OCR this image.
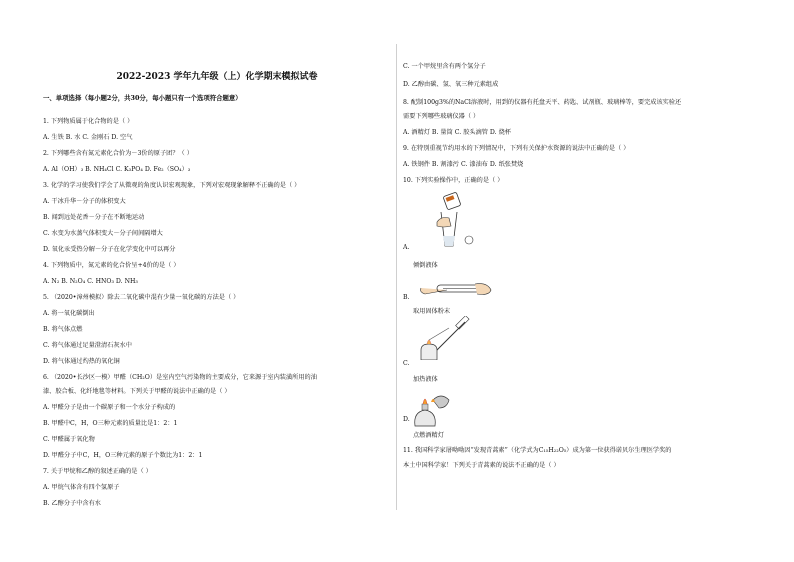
2022-2023 学年九年级（上）化学期末模拟试卷
一、单项选择（每小题2分，共30分，每小题只有一个选项符合题意）
1. 下列物质属于化合物的是（ ）
A. 生铁 B. 水 C. 金刚石 D. 空气
2. 下列哪些含有氮元素化合价为－3价的原子团？（ ）
A. Al（OH）₃ B. NH₄Cl C. K₃PO₄ D. Fe₂（SO₄）₃
3. 化学的学习使我们学会了从微观的角度认识宏观现象，下列对宏观现象解释不正确的是（ ）
A. 干冰升华－分子的体积变大
B. 闻到远处花香－分子在不断地运动
C. 水变为水蒸气体积变大－分子间间隔增大
D. 氧化汞受热分解－分子在化学变化中可以再分
4. 下列物质中，氮元素的化合价呈+4价的是（ ）
A. N₂ B. N₂O₄ C. HNO₃ D. NH₃
5. （2020•漳州模拟）除去二氧化碳中混有少量一氧化碳的方法是（ ）
A. 将一氧化碳倒出
B. 将气体点燃
C. 将气体通过足量澄清石灰水中
D. 将气体通过灼热的氧化铜
6. （2020•长沙区一模）甲醛（CH₂O）是室内空气污染物的主要成分，它来源于室内装潢所用的油
漆、胶合板、化纤地毯等材料。下列关于甲醛的说法中正确的是（ ）
A. 甲醛分子是由一个碳原子和一个水分子构成的
B. 甲醛中C，H，O三种元素的质量比是1：2：1
C. 甲醛属于氧化物
D. 甲醛分子中C，H，O三种元素的原子个数比为1：2：1
7. 关于甲烷和乙醇的叙述正确的是（ ）
A. 甲烷气体含有四个氢原子
B. 乙醇分子中含有水
C. 一个甲烷里含有两个氢分子
D. 乙醇由碳、氢、氧三种元素组成
8. 配制100g3%的NaCl溶液时，用到的仪器有托盘天平、药匙、试剂瓶、玻璃棒等，要完成该实验还
需要下列哪些玻璃仪器（ ）
A. 酒精灯 B. 量筒 C. 胶头滴管 D. 烧杯
9. 在特别重视节约用水的下列情况中，下列有关保护水资源的说法中正确的是（ ）
A. 铁钢件 B. 割漆污 C. 漆油布 D. 纸张焚烧
10. 下列实验操作中，正确的是（ ）
A.
倾倒液体
B.
取用固体粉末
C.
加热液体
D.
点燃酒精灯
11. 我国科学家屠呦呦因“发现青蒿素”（化学式为C₁₅H₂₂O₅）成为第一位获得诺贝尔生理医学奖的
本土中国科学家！下列关于青蒿素的说法不正确的是（ ）
